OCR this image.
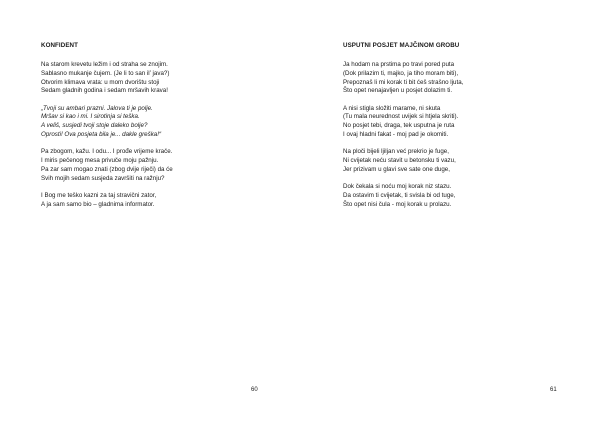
KONFIDENT
Na starom krevetu ležim i od straha se znojim.
Sablasno mukanje čujem. (Je li to san il’ java?)
Otvorim klimava vrata: u mom dvorištu stoji
Sedam gladnih godina i sedam mršavih krava!
„Tvoji su ambari prazni. Jalova ti je polje.
Mršav si kao i mi. I sirotinja si teška.
A veliš, susjedi tvoji stoje daleko bolje?
Oprosti! Ova posjeta bila je... dakle greška!“
Pa zbogom, kažu. I odu... I prođe vrijeme krače.
I miris pečenog mesa privuče moju pažnju.
Pa zar sam mogao znati (zbog dvije riječi) da će
Svih mojih sedam susjeda završiti na ražnju?
I Bog me teško kazni za taj stravični zator,
A ja sam samo bio – gladnima informator.
60
USPUTNI POSJET MAJČINOM GROBU
Ja hodam na prstima po travi pored puta
(Dok prilazim ti, majko, ja tiho moram biti),
Prepoznaš li mi korak ti bit ćeš strašno ljuta,
Što opet nenajavljen u posjet dolazim ti.
A nisi stigla složiti marame, ni skuta
(Tu mala neurednost uvijek si htjela skriti).
No posjet tebi, draga, tek usputna je ruta
I ovaj hladni fakat - moj pad je okomiti.
Na ploči bijeli ljiljan već prekrio je fuge,
Ni cvijetak neću stavit u betonsku ti vazu,
Jer prizivam u glavi sve sate one duge,
Dok čekala si noću moj korak niz stazu.
Da ostavim ti cvijetak, ti svisla bi od tuge,
Što opet nisi čula - moj korak u prolazu.
61
